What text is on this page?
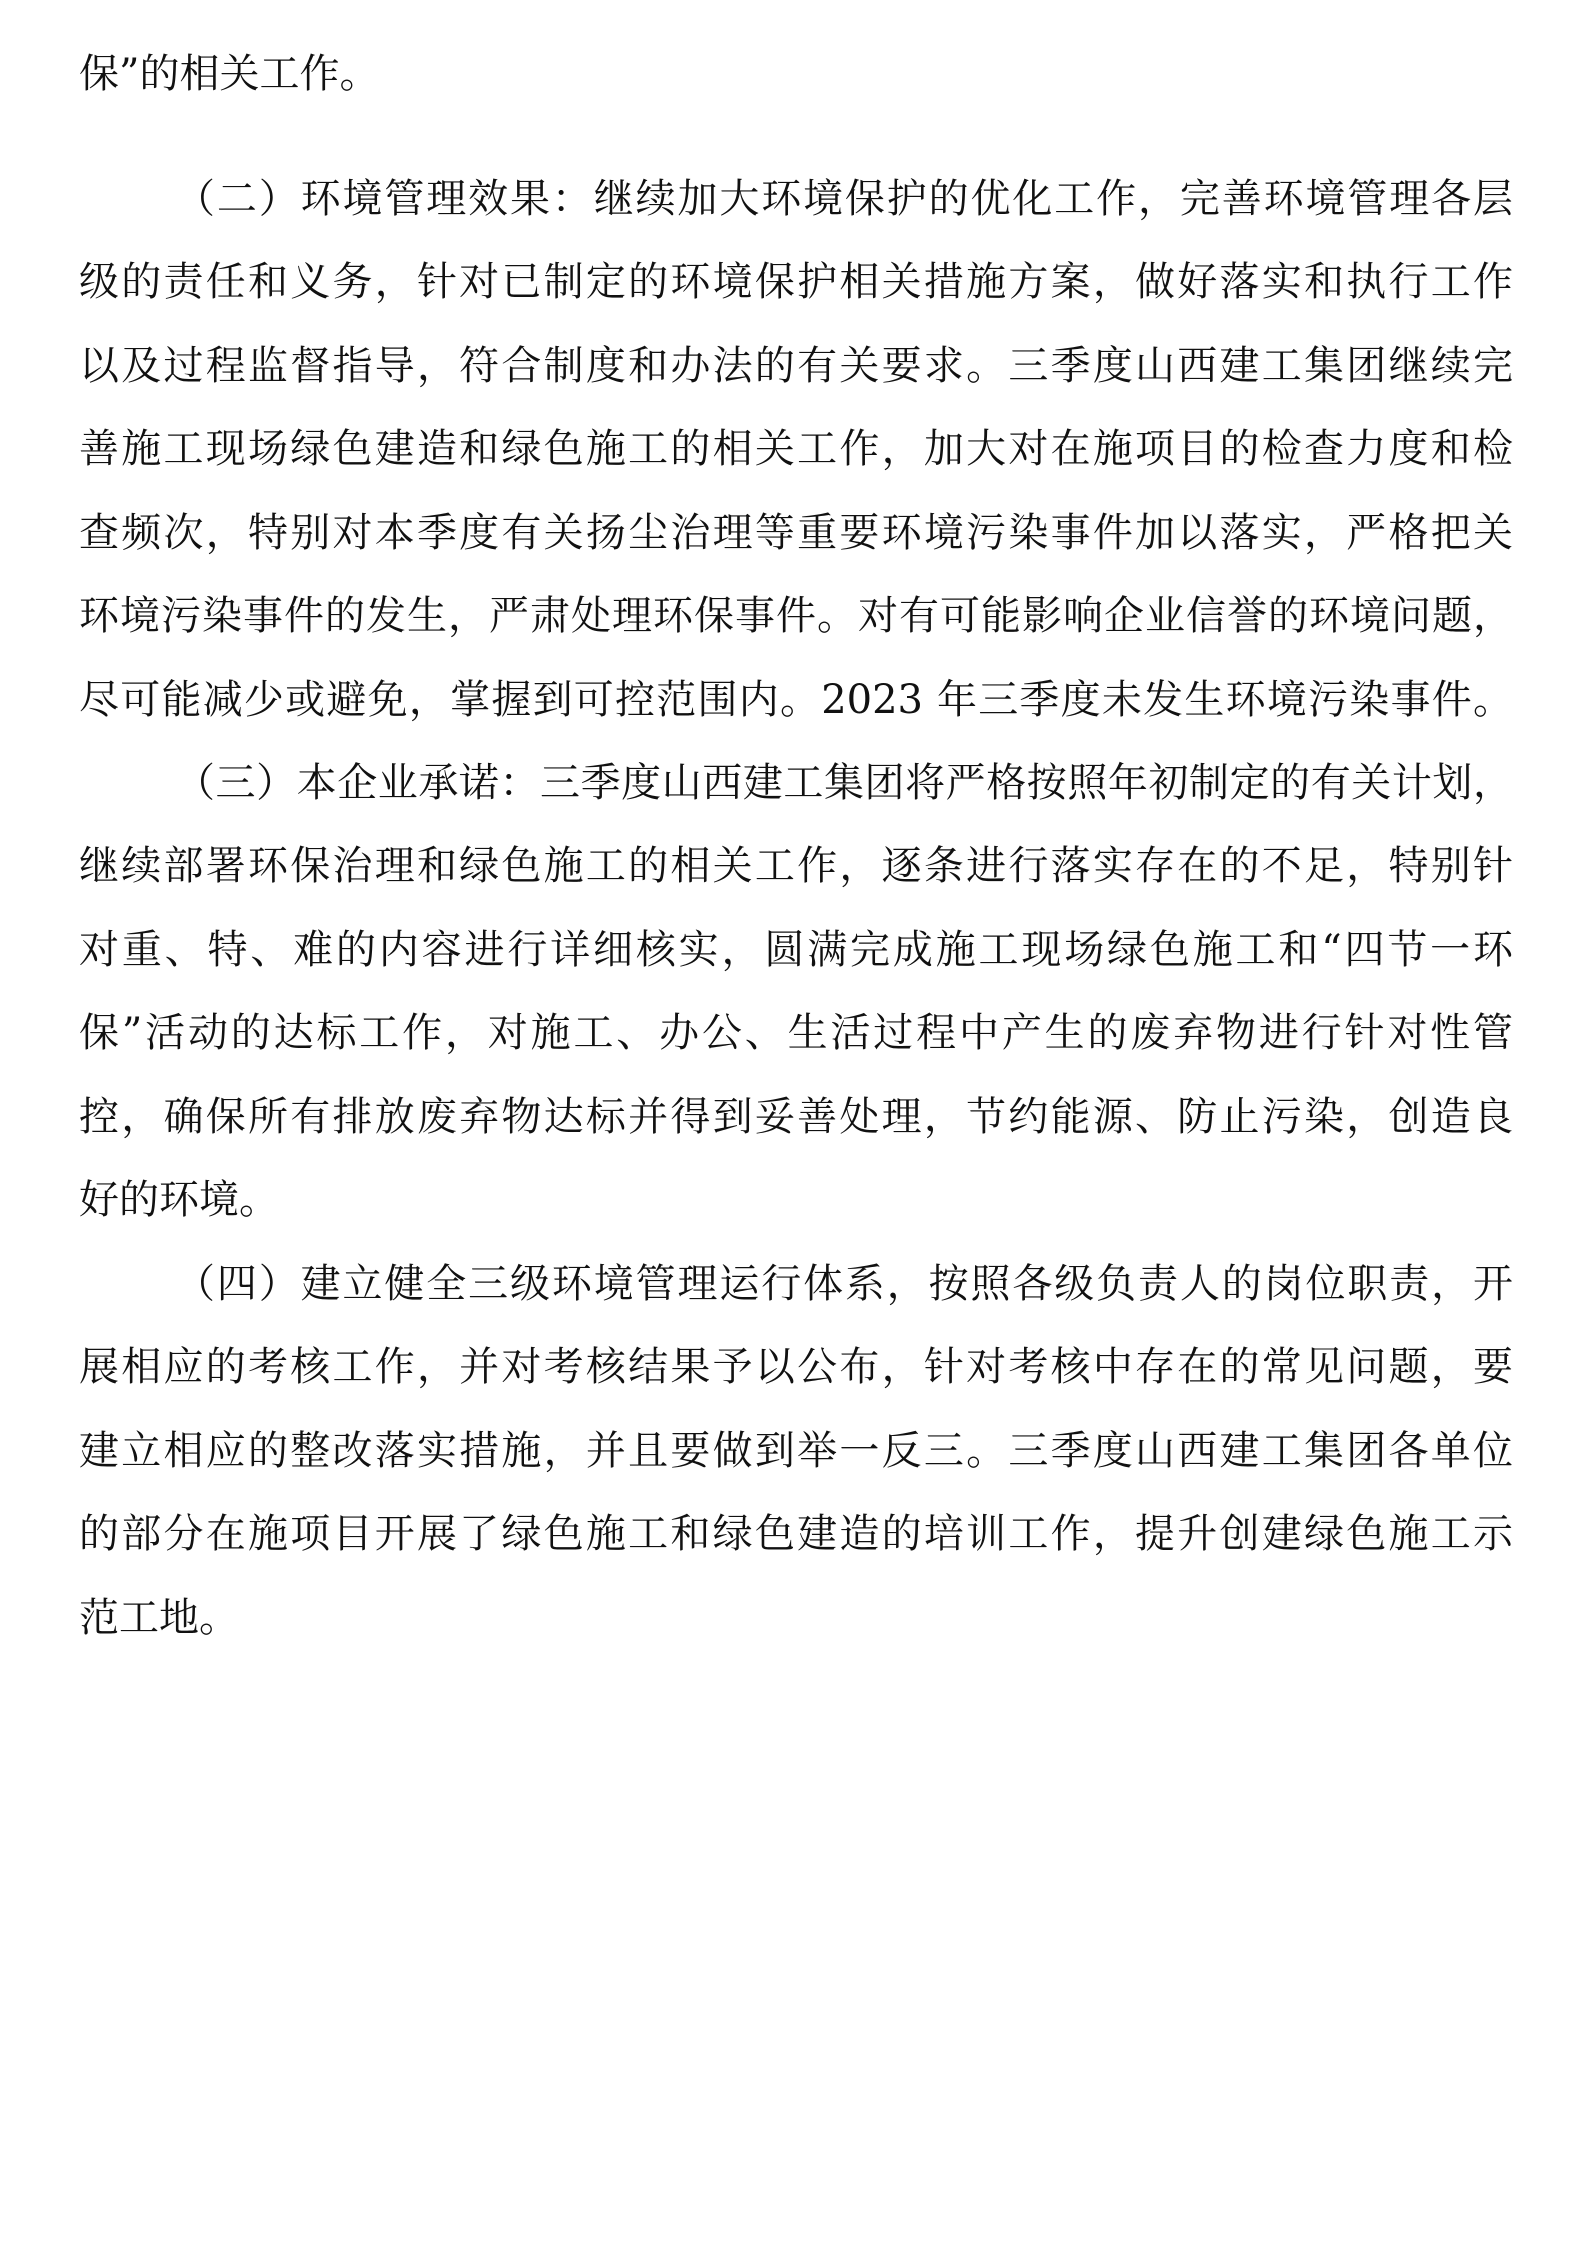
保”的相关工作。
（二）环境管理效果：继续加大环境保护的优化工作，完善环境管理各层
级的责任和义务，针对已制定的环境保护相关措施方案，做好落实和执行工作
以及过程监督指导，符合制度和办法的有关要求。三季度山西建工集团继续完
善施工现场绿色建造和绿色施工的相关工作，加大对在施项目的检查力度和检
查频次，特别对本季度有关扬尘治理等重要环境污染事件加以落实，严格把关
环境污染事件的发生，严肃处理环保事件。对有可能影响企业信誉的环境问题，
尽可能减少或避免，掌握到可控范围内。2023 年三季度未发生环境污染事件。
（三）本企业承诺：三季度山西建工集团将严格按照年初制定的有关计划，
继续部署环保治理和绿色施工的相关工作，逐条进行落实存在的不足，特别针
对重、特、难的内容进行详细核实，圆满完成施工现场绿色施工和“四节一环
保”活动的达标工作，对施工、办公、生活过程中产生的废弃物进行针对性管
控，确保所有排放废弃物达标并得到妥善处理，节约能源、防止污染，创造良
好的环境。
（四）建立健全三级环境管理运行体系，按照各级负责人的岗位职责，开
展相应的考核工作，并对考核结果予以公布，针对考核中存在的常见问题，要
建立相应的整改落实措施，并且要做到举一反三。三季度山西建工集团各单位
的部分在施项目开展了绿色施工和绿色建造的培训工作，提升创建绿色施工示
范工地。
